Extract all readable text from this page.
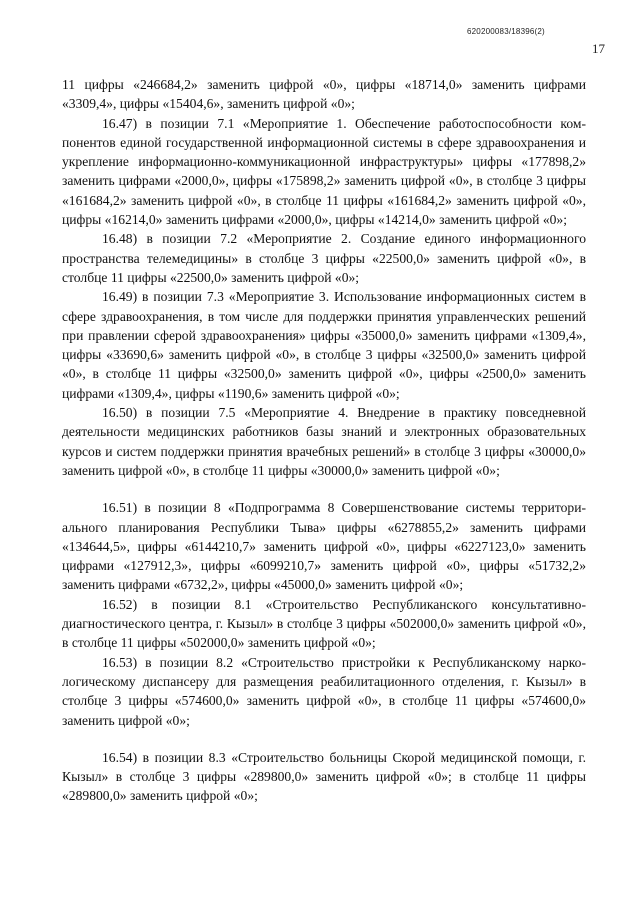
620200083/18396(2)
17

11 цифры «246684,2» заменить цифрой «0», цифры «18714,0» заменить цифрами «3309,4», цифры «15404,6», заменить цифрой «0»;

16.47) в позиции 7.1 «Мероприятие 1. Обеспечение работоспособности компонентов единой государственной информационной системы в сфере здравоохранения и укрепление информационно-коммуникационной инфраструктуры» цифры «177898,2» заменить цифрами «2000,0», цифры «175898,2» заменить цифрой «0», в столбце 3 цифры «161684,2» заменить цифрой «0», в столбце 11 цифры «161684,2» заменить цифрой «0», цифры «16214,0» заменить цифрами «2000,0», цифры «14214,0» заменить цифрой «0»;

16.48) в позиции 7.2 «Мероприятие 2. Создание единого информационного пространства телемедицины» в столбце 3 цифры «22500,0» заменить цифрой «0», в столбце 11 цифры «22500,0» заменить цифрой «0»;

16.49) в позиции 7.3 «Мероприятие 3. Использование информационных систем в сфере здравоохранения, в том числе для поддержки принятия управленческих решений при правлении сферой здравоохранения» цифры «35000,0» заменить цифрами «1309,4», цифры «33690,6» заменить цифрой «0», в столбце 3 цифры «32500,0» заменить цифрой «0», в столбце 11 цифры «32500,0» заменить цифрой «0», цифры «2500,0» заменить цифрами «1309,4», цифры «1190,6» заменить цифрой «0»;

16.50) в позиции 7.5 «Мероприятие 4. Внедрение в практику повседневной деятельности медицинских работников базы знаний и электронных образовательных курсов и систем поддержки принятия врачебных решений» в столбце 3 цифры «30000,0» заменить цифрой «0», в столбце 11 цифры «30000,0» заменить цифрой «0»;

16.51) в позиции 8 «Подпрограмма 8 Совершенствование системы территориального планирования Республики Тыва» цифры «6278855,2» заменить цифрами «134644,5», цифры «6144210,7» заменить цифрой «0», цифры «6227123,0» заменить цифрами «127912,3», цифры «6099210,7» заменить цифрой «0», цифры «51732,2» заменить цифрами «6732,2», цифры «45000,0» заменить цифрой «0»;

16.52) в позиции 8.1 «Строительство Республиканского консультативно-диагностического центра, г. Кызыл» в столбце 3 цифры «502000,0» заменить цифрой «0», в столбце 11 цифры «502000,0» заменить цифрой «0»;

16.53) в позиции 8.2 «Строительство пристройки к Республиканскому наркологическому диспансеру для размещения реабилитационного отделения, г. Кызыл» в столбце 3 цифры «574600,0» заменить цифрой «0», в столбце 11 цифры «574600,0» заменить цифрой «0»;

16.54) в позиции 8.3 «Строительство больницы Скорой медицинской помощи, г. Кызыл» в столбце 3 цифры «289800,0» заменить цифрой «0»; в столбце 11 цифры «289800,0» заменить цифрой «0»;
